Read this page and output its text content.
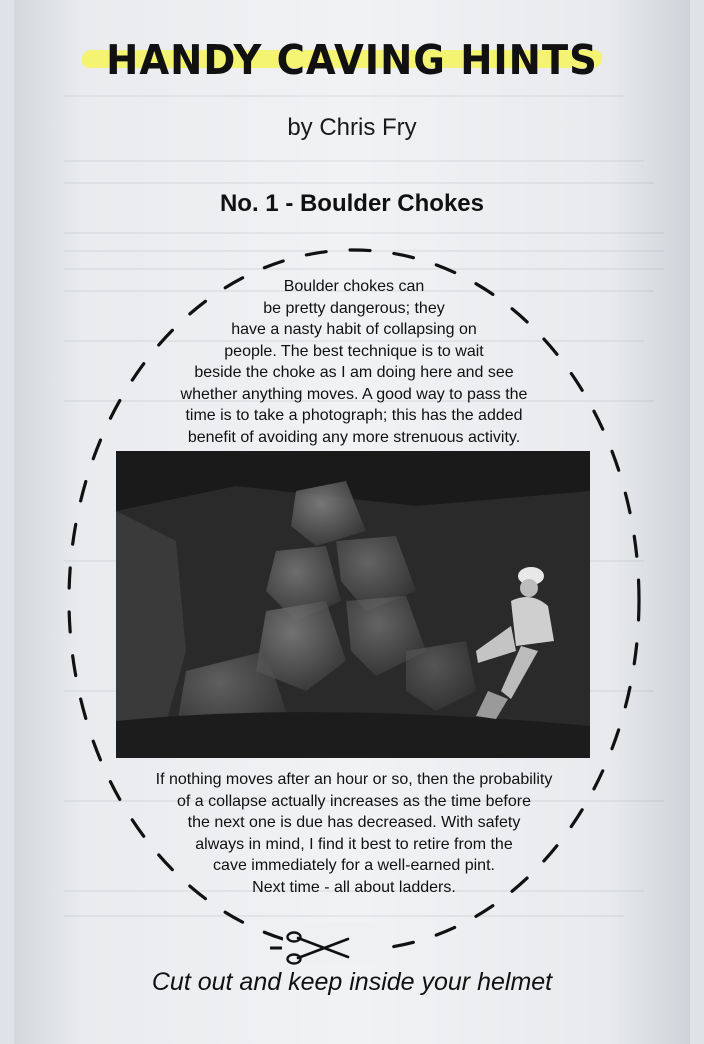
HANDY CAVING HINTS
by Chris Fry
No. 1 - Boulder Chokes
Boulder chokes can
be pretty dangerous; they
have a nasty habit of collapsing on
people. The best technique is to wait
beside the choke as I am doing here and see
whether anything moves. A good way to pass the
time is to take a photograph; this has the added
benefit of avoiding any more strenuous activity.
If nothing moves after an hour or so, then the probability
of a collapse actually increases as the time before
the next one is due has decreased. With safety
always in mind, I find it best to retire from the
cave immediately for a well-earned pint.
Next time - all about ladders.
Cut out and keep inside your helmet
